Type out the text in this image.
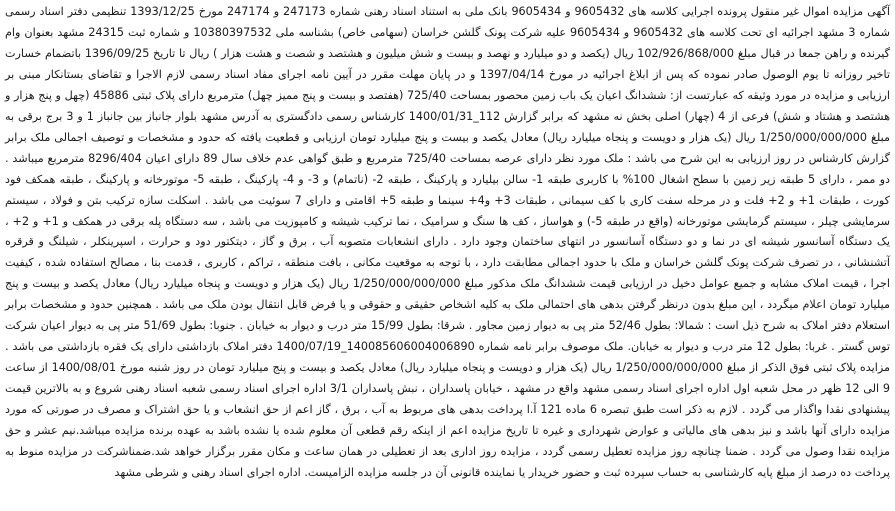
آگهی مزایده اموال غیر منقول پرونده اجرایی کلاسه های 9605432 و 9605434 بانک ملی به استناد اسناد رهنی شماره 247173 و 247174 مورخ 1393/12/25 تنظیمی دفتر اسناد رسمی شماره 3 مشهد اجرائیه ای تحت کلاسه های 9605432 و 9605434 علیه شرکت پونک گلشن خراسان (سهامی خاص) بشناسه ملی 10380397532 و شماره ثبت 24315 مشهد بعنوان وام گیرنده و راهن جمعا در قبال مبلغ 102/926/868/000 ریال (یکصد و دو میلیارد و نهصد و بیست و شش میلیون و هشتصد و شصت و هشت هزار ) ریال تا تاریخ 1396/09/25 باتضمام خسارت تاخیر روزانه تا یوم الوصول صادر نموده که پس از ابلاغ اجرائیه در مورخ 1397/04/14 و در پایان مهلت مقرر در آیین نامه اجرای مفاد اسناد رسمی لازم الاجرا و تقاضای بستانکار مبنی بر ارزیابی و مزایده در مورد وثیقه که عبارتست از: ششدانگ اعیان یک باب زمین محصور بمساحت 725/40 (هفتصد و بیست و پنج ممیز چهل) مترمربع دارای پلاک ثبتی 45886 (چهل و پنج هزار و هشتصد و هشتاد و شش) فرعی از 4 (چهار) اصلی بخش نه مشهد که برابر گزارش 112_1400/01/31 کارشناس رسمی دادگستری به آدرس مشهد بلوار جانباز بین جانباز 1 و 3 برج برقی به مبلغ 1/250/000/000/000 ریال (یک هزار و دویست و پنجاه میلیارد ریال) معادل یکصد و بیست و پنج میلیارد تومان ارزیابی و قطعیت یافته که حدود و مشخصات و توصیف اجمالی ملک برابر گزارش کارشناس در روز ارزیابی به این شرح می باشد : ملک مورد نظر دارای عرصه بمساحت 725/40 مترمربع و طبق گواهی عدم خلاف سال 89 دارای اعیان 8296/404 مترمربع میباشد . دو ممر ، دارای 5 طبقه زیر زمین با سطح اشغال 100% با کاربری طبقه 1- سالن بیلیارد و پارکینگ ، طبقه 2- (ناتمام) و 3- و 4- پارکینگ ، طبقه 5- موتورخانه و پارکینگ ، طبقه همکف فود کورت ، طبقات 1+ و 2+ فلت و در مرحله سفت کاری با کف سیمانی ، طبقات 3+ و4+ سینما و طبقه 5+ اقامتی و دارای 7 سوئیت می باشد . اسکلت سازه ترکیب بتن و فولاد ، سیستم سرمایشی چیلر ، سیستم گرمایشی موتورخانه (واقع در طبقه 5-) و هواساز ، کف ها سنگ و سرامیک ، نما ترکیب شیشه و کامپوزیت می باشد ، سه دستگاه پله برقی در همکف و 1+ و 2+ ، یک دستگاه آسانسور شیشه ای در نما و دو دستگاه آسانسور در انتهای ساختمان وجود دارد . دارای انشعابات متصوبه آب ، برق و گاز ، دیتکتور دود و حرارت ، اسپرینکلر ، شیلنگ و قرقره آتشنشانی ، در تصرف شرکت پونک گلشن خراسان و ملک با حدود اجمالی مطابقت دارد ، با توجه به موقعیت مکانی ، بافت منطقه ، تراکم ، کاربری ، قدمت بنا ، مصالح استفاده شده ، کیفیت اجرا ، قیمت املاک مشابه و جمیع عوامل دخیل در ارزیابی قیمت ششدانگ ملک مذکور مبلغ 1/250/000/000/000 ریال (یک هزار و دویست و پنجاه میلیارد ریال) معادل یکصد و بیست و پنج میلیارد تومان اعلام میگردد ، این مبلغ بدون درنظر گرفتن بدهی های احتمالی ملک به کلیه اشخاص حقیقی و حقوقی و یا فرض قابل انتقال بودن ملک می باشد . همچنین حدود و مشخصات برابر استعلام دفتر املاک به شرح ذیل است : شمالا: بطول 52/46 متر پی به دیوار زمین مجاور . شرقا: بطول 15/99 متر درب و دیوار به خیابان . جنوبا: بطول 51/69 متر پی به دیوار اعیان شرکت توس گستر . غربا: بطول 12 متر درب و دیوار به خیابان. ملک موصوف برابر نامه شماره 140085606004006890_1400/07/19 دفتر املاک بازداشتی دارای یک فقره بازداشتی می باشد . مزایده پلاک ثبتی فوق الذکر از مبلغ 1/250/000/000/000 ریال (یک هزار و دویست و پنجاه میلیارد ریال) معادل یکصد و بیست و پنج میلیارد تومان در روز شنبه مورخ 1400/08/01 از ساعت 9 الی 12 ظهر در محل شعبه اول اداره اجرای اسناد رسمی مشهد واقع در مشهد ، خیابان پاسداران ، نبش پاسداران 3/1 اداره اجرای اسناد رسمی شعبه اسناد رهنی شروع و به بالاترین قیمت پیشنهادی نقدا واگذار می گردد . لازم به ذکر است طبق تبصره 6 ماده 121 آ.ا پرداخت بدهی های مربوط به آب ، برق ، گاز اعم از حق انشعاب و یا حق اشتراک و مصرف در صورتی که مورد مزایده دارای آنها باشد و نیز بدهی های مالیاتی و عوارض شهرداری و غیره تا تاریخ مزایده اعم از اینکه رقم قطعی آن معلوم شده یا نشده باشد به عهده برنده مزایده میباشد.نیم عشر و حق مزایده نقدا وصول می گردد . ضمنا چنانچه روز مزایده تعطیل رسمی گردد ، مزایده روز اداری بعد از تعطیلی در همان ساعت و مکان مقرر برگزار خواهد شد.ضمناشرکت در مزایده منوط به پرداخت ده درصد از مبلغ پایه کارشناسی به حساب سپرده ثبت و حضور خریدار یا نماینده قانونی آن در جلسه مزایده الزامیست. اداره اجرای اسناد رهنی و شرطی مشهد
